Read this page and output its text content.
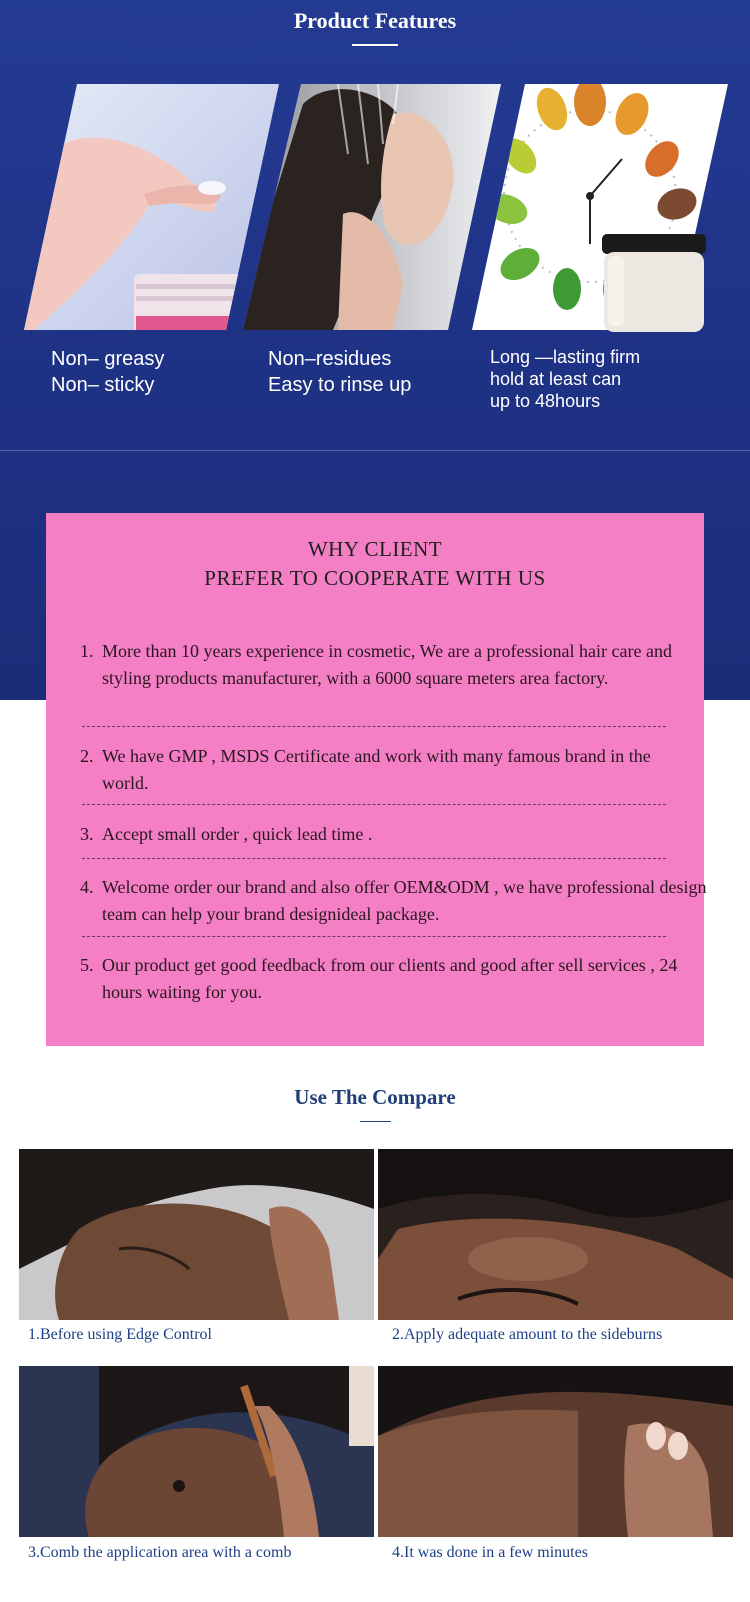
Product Features
Non– greasy
Non– sticky
Non–residues
Easy to rinse up
Long —lasting firm
hold at least can
up to 48hours
WHY CLIENT
PREFER TO COOPERATE WITH US
1. More than 10 years experience in cosmetic, We are a professional hair care and styling products manufacturer, with a 6000 square meters area factory.
2. We have GMP , MSDS Certificate and work with many famous brand in the world.
3. Accept small order , quick lead time .
4. Welcome order our brand and also offer OEM&ODM , we have professional design team can help your brand designideal package.
5. Our product get good feedback from our clients and good after sell services , 24 hours waiting for you.
Use The Compare
1.Before using Edge Control	2.Apply adequate amount to the sideburns
3.Comb the application area with a comb	4.It was done in a few minutes
